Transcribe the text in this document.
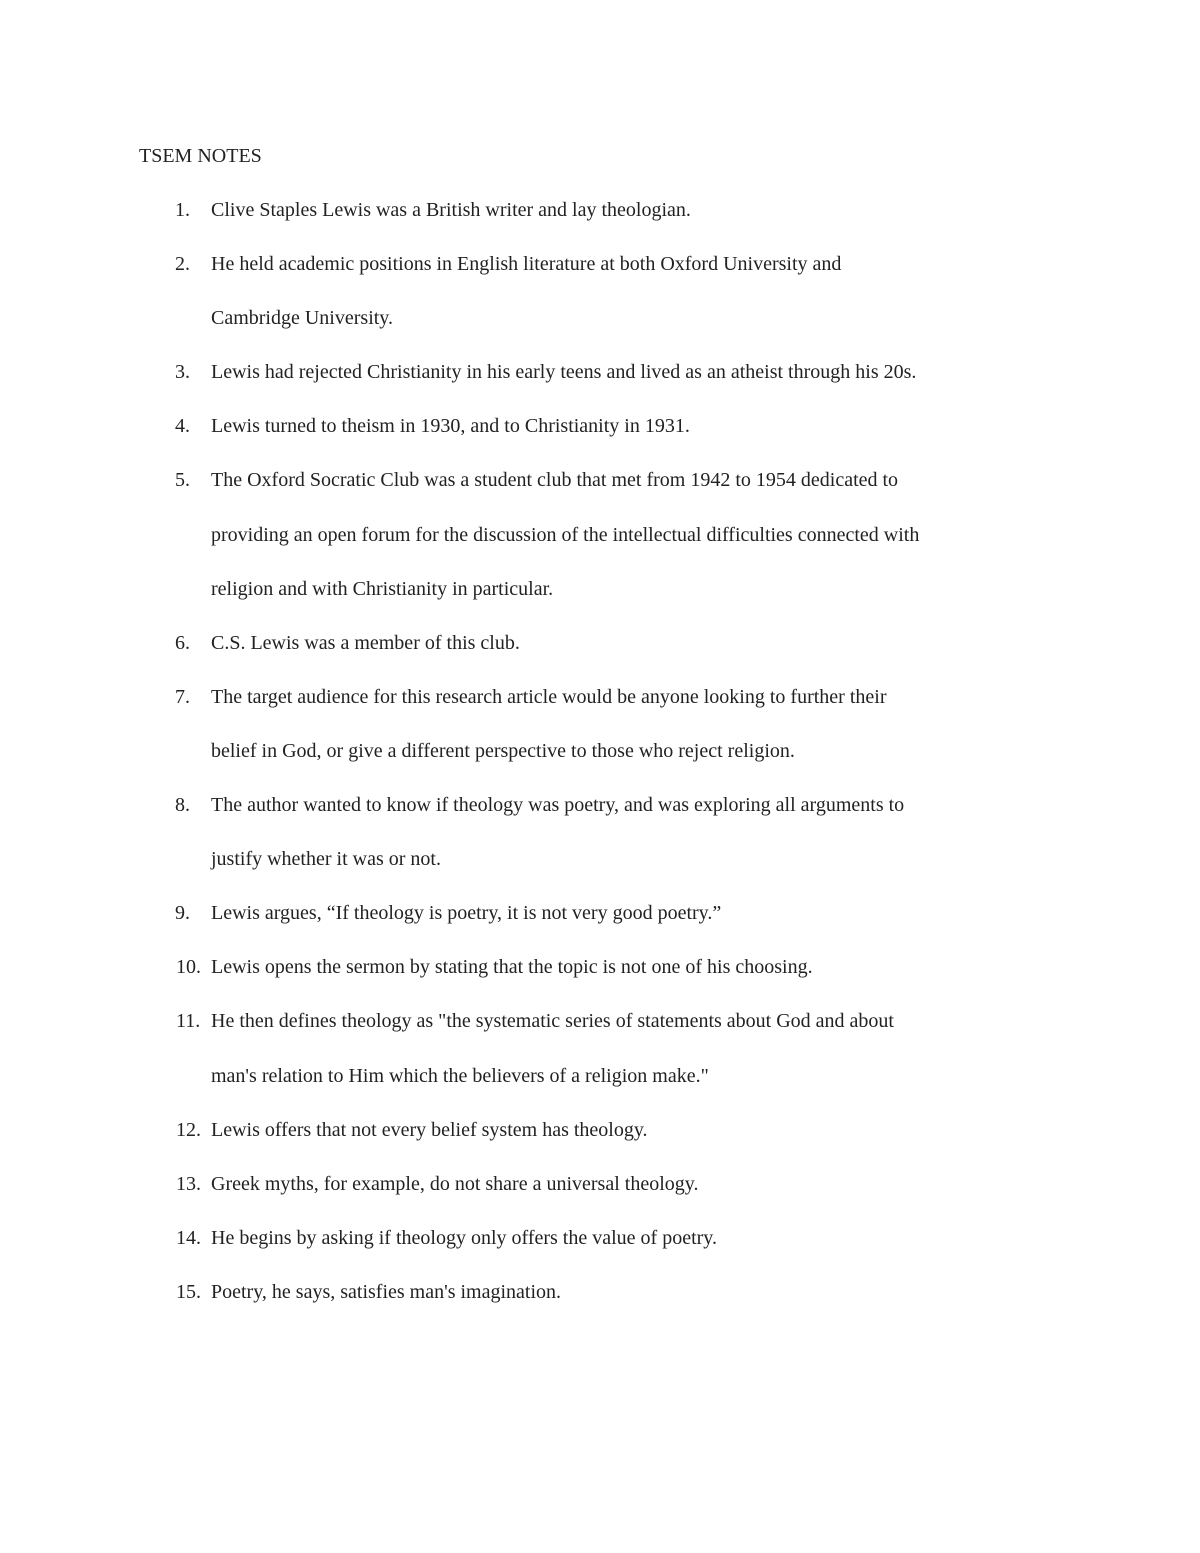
TSEM NOTES
1. Clive Staples Lewis was a British writer and lay theologian.
2. He held academic positions in English literature at both Oxford University and
Cambridge University.
3. Lewis had rejected Christianity in his early teens and lived as an atheist through his 20s.
4. Lewis turned to theism in 1930, and to Christianity in 1931.
5. The Oxford Socratic Club was a student club that met from 1942 to 1954 dedicated to
providing an open forum for the discussion of the intellectual difficulties connected with
religion and with Christianity in particular.
6. C.S. Lewis was a member of this club.
7. The target audience for this research article would be anyone looking to further their
belief in God, or give a different perspective to those who reject religion.
8. The author wanted to know if theology was poetry, and was exploring all arguments to
justify whether it was or not.
9. Lewis argues, “If theology is poetry, it is not very good poetry.”
10. Lewis opens the sermon by stating that the topic is not one of his choosing.
11. He then defines theology as "the systematic series of statements about God and about
man's relation to Him which the believers of a religion make."
12. Lewis offers that not every belief system has theology.
13. Greek myths, for example, do not share a universal theology.
14. He begins by asking if theology only offers the value of poetry.
15. Poetry, he says, satisfies man's imagination.
